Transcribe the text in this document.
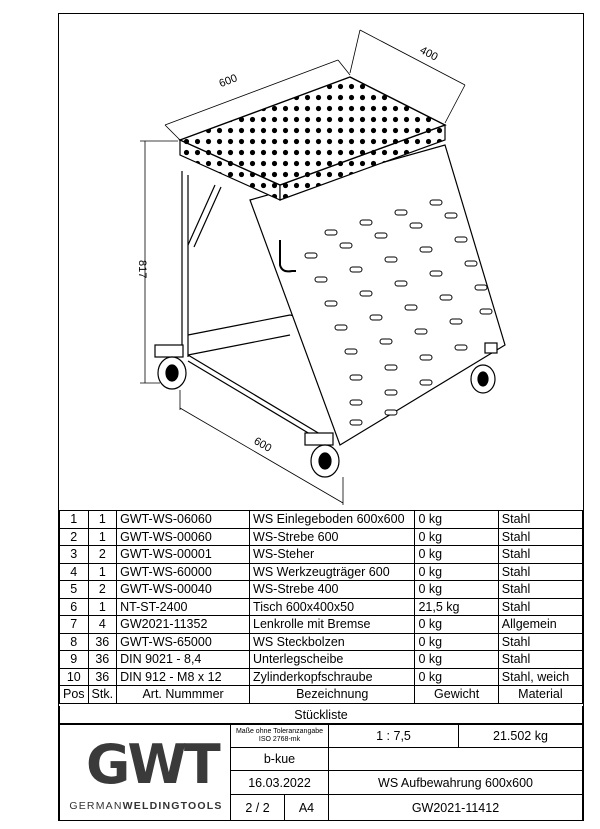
600
400
817
600
1	1	GWT-WS-06060	WS Einlegeboden 600x600	0 kg	Stahl
2	1	GWT-WS-00060	WS-Strebe 600	0 kg	Stahl
3	2	GWT-WS-00001	WS-Steher	0 kg	Stahl
4	1	GWT-WS-60000	WS Werkzeugträger 600	0 kg	Stahl
5	2	GWT-WS-00040	WS-Strebe 400	0 kg	Stahl
6	1	NT-ST-2400	Tisch 600x400x50	21,5 kg	Stahl
7	4	GW2021-11352	Lenkrolle mit Bremse	0 kg	Allgemein
8	36	GWT-WS-65000	WS Steckbolzen	0 kg	Stahl
9	36	DIN 9021 - 8,4	Unterlegscheibe	0 kg	Stahl
10	36	DIN 912 - M8 x 12	Zylinderkopfschraube	0 kg	Stahl, weich
Pos	Stk.	Art. Nummmer	Bezeichnung	Gewicht	Material
Stückliste
GWT
GERMANWELDINGTOOLS
Maße ohne Toleranzangabe
ISO 2768-mk	1 : 7,5	21.502 kg
b-kue
16.03.2022	WS Aufbewahrung 600x600
2 / 2	A4	GW2021-11412
